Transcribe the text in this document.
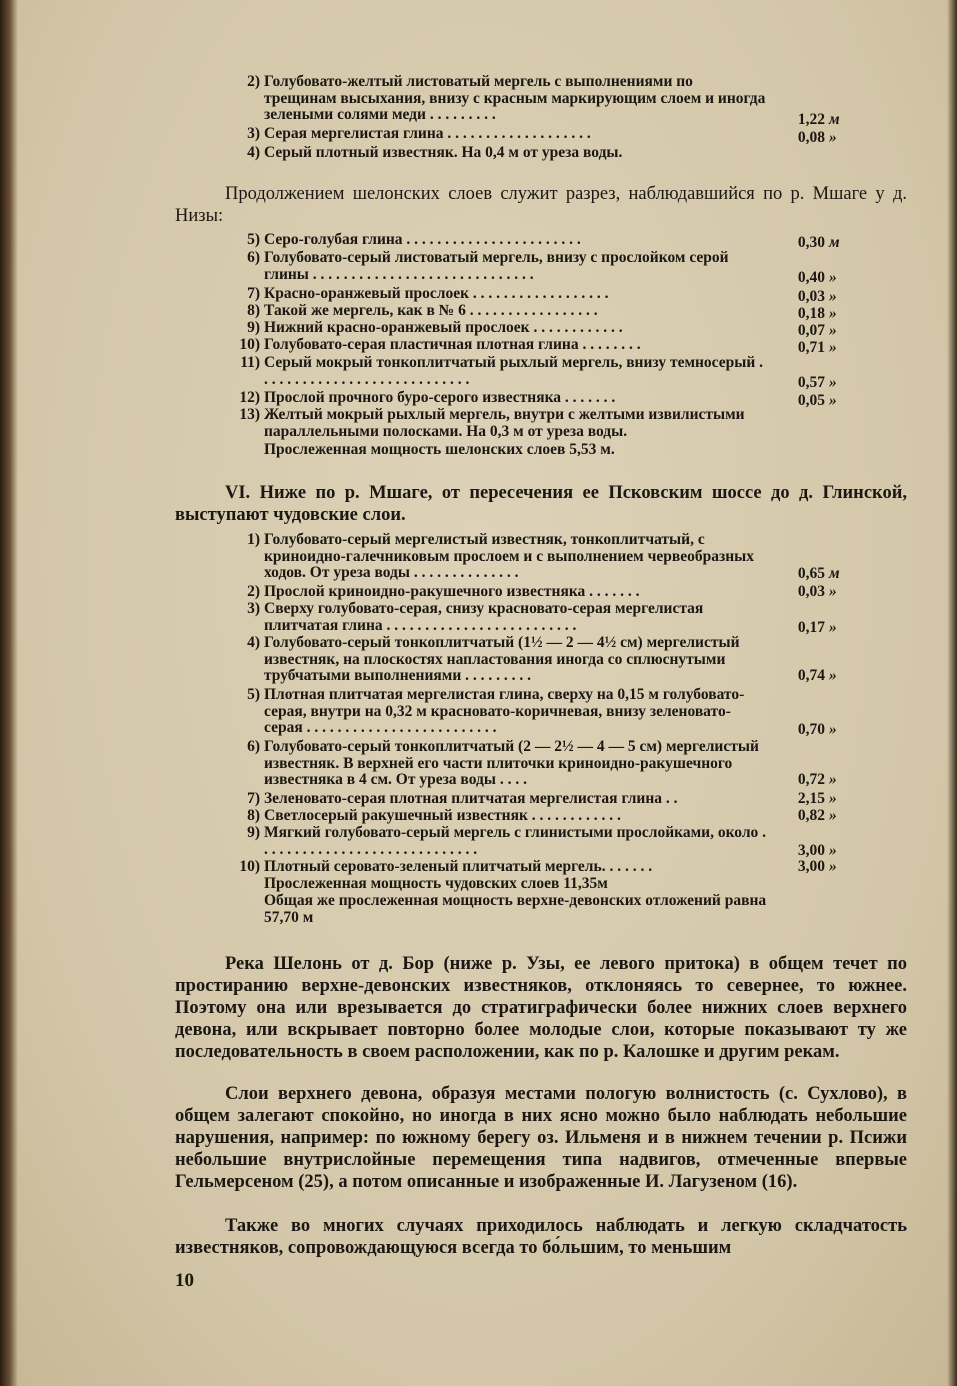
2) Голубовато-желтый листоватый мергель с выполнениями по трещинам высыхания, внизу с красным маркирующим слоем и иногда зелеными солями меди . . . . . . . . .	1,22 м
3) Серая мергелистая глина . . . . . . . . . . . . . . . . . . .	0,08 »
4) Серый плотный известняк. На 0,4 м от уреза воды.
Продолжением шелонских слоев служит разрез, наблюдавшийся по р. Мшаге у д. Низы:
5) Серо-голубая глина . . . . . . . . . . . . . . . . . . . . . . .	0,30 м
6) Голубовато-серый листоватый мергель, внизу с прослойком серой глины . . . . . . . . . . . . . . . . . . . . . . . . . . . . .	0,40 »
7) Красно-оранжевый прослоек . . . . . . . . . . . . . . . . . .	0,03 »
8) Такой же мергель, как в № 6 . . . . . . . . . . . . . . . . .	0,18 »
9) Нижний красно-оранжевый прослоек . . . . . . . . . . . .	0,07 »
10) Голубовато-серая пластичная плотная глина . . . . . . . .	0,71 »
11) Серый мокрый тонкоплитчатый рыхлый мергель, внизу темносерый . . . . . . . . . . . . . . . . . . . . . . . . . . . .	0,57 »
12) Прослой прочного буро-серого известняка . . . . . . .	0,05 »
13) Желтый мокрый рыхлый мергель, внутри с желтыми извилистыми параллельными полосками. На 0,3 м от уреза воды.
Прослеженная мощность шелонских слоев 5,53 м.
VI. Ниже по р. Мшаге, от пересечения ее Псковским шоссе до д. Глинской, выступают чудовские слои.
1) Голубовато-серый мергелистый известняк, тонкоплитчатый, с криноидно-галечниковым прослоем и с выполнением червеобразных ходов. От уреза воды . . . . . . . . . . . . . .	0,65 м
2) Прослой криноидно-ракушечного известняка . . . . . . .	0,03 »
3) Сверху голубовато-серая, снизу красновато-серая мергелистая плитчатая глина . . . . . . . . . . . . . . . . . . . . . . . . .	0,17 »
4) Голубовато-серый тонкоплитчатый (1½ — 2 — 4½ см) мергелистый известняк, на плоскостях напластования иногда со сплюснутыми трубчатыми выполнениями . . . . . . . . .	0,74 »
5) Плотная плитчатая мергелистая глина, сверху на 0,15 м голубовато-серая, внутри на 0,32 м красновато-коричневая, внизу зеленовато-серая . . . . . . . . . . . . . . . . . . . . . . . . .	0,70 »
6) Голубовато-серый тонкоплитчатый (2 — 2½ — 4 — 5 см) мергелистый известняк. В верхней его части плиточки криноидно-ракушечного известняка в 4 см. От уреза воды . . . .	0,72 »
7) Зеленовато-серая плотная плитчатая мергелистая глина . .	2,15 »
8) Светлосерый ракушечный известняк . . . . . . . . . . . .	0,82 »
9) Мягкий голубовато-серый мергель с глинистыми прослойками, около . . . . . . . . . . . . . . . . . . . . . . . . . . . . .	3,00 »
10) Плотный серовато-зеленый плитчатый мергель. . . . . . .	3,00 »
Прослеженная мощность чудовских слоев 11,35м
Общая же прослеженная мощность верхне-девонских отложений равна 57,70 м
Река Шелонь от д. Бор (ниже р. Узы, ее левого притока) в общем течет по простиранию верхне-девонских известняков, отклоняясь то севернее, то южнее. Поэтому она или врезывается до стратиграфически более нижних слоев верхнего девона, или вскрывает повторно более молодые слои, которые показывают ту же последовательность в своем расположении, как по р. Калошке и другим рекам.
Слои верхнего девона, образуя местами пологую волнистость (с. Сухлово), в общем залегают спокойно, но иногда в них ясно можно было наблюдать небольшие нарушения, например: по южному берегу оз. Ильменя и в нижнем течении р. Псижи небольшие внутрислойные перемещения типа надвигов, отмеченные впервые Гельмерсеном (25), а потом описанные и изображенные И. Лагузеном (16).
Также во многих случаях приходилось наблюдать и легкую складчатость известняков, сопровождающуюся всегда то бо́льшим, то меньшим
10
